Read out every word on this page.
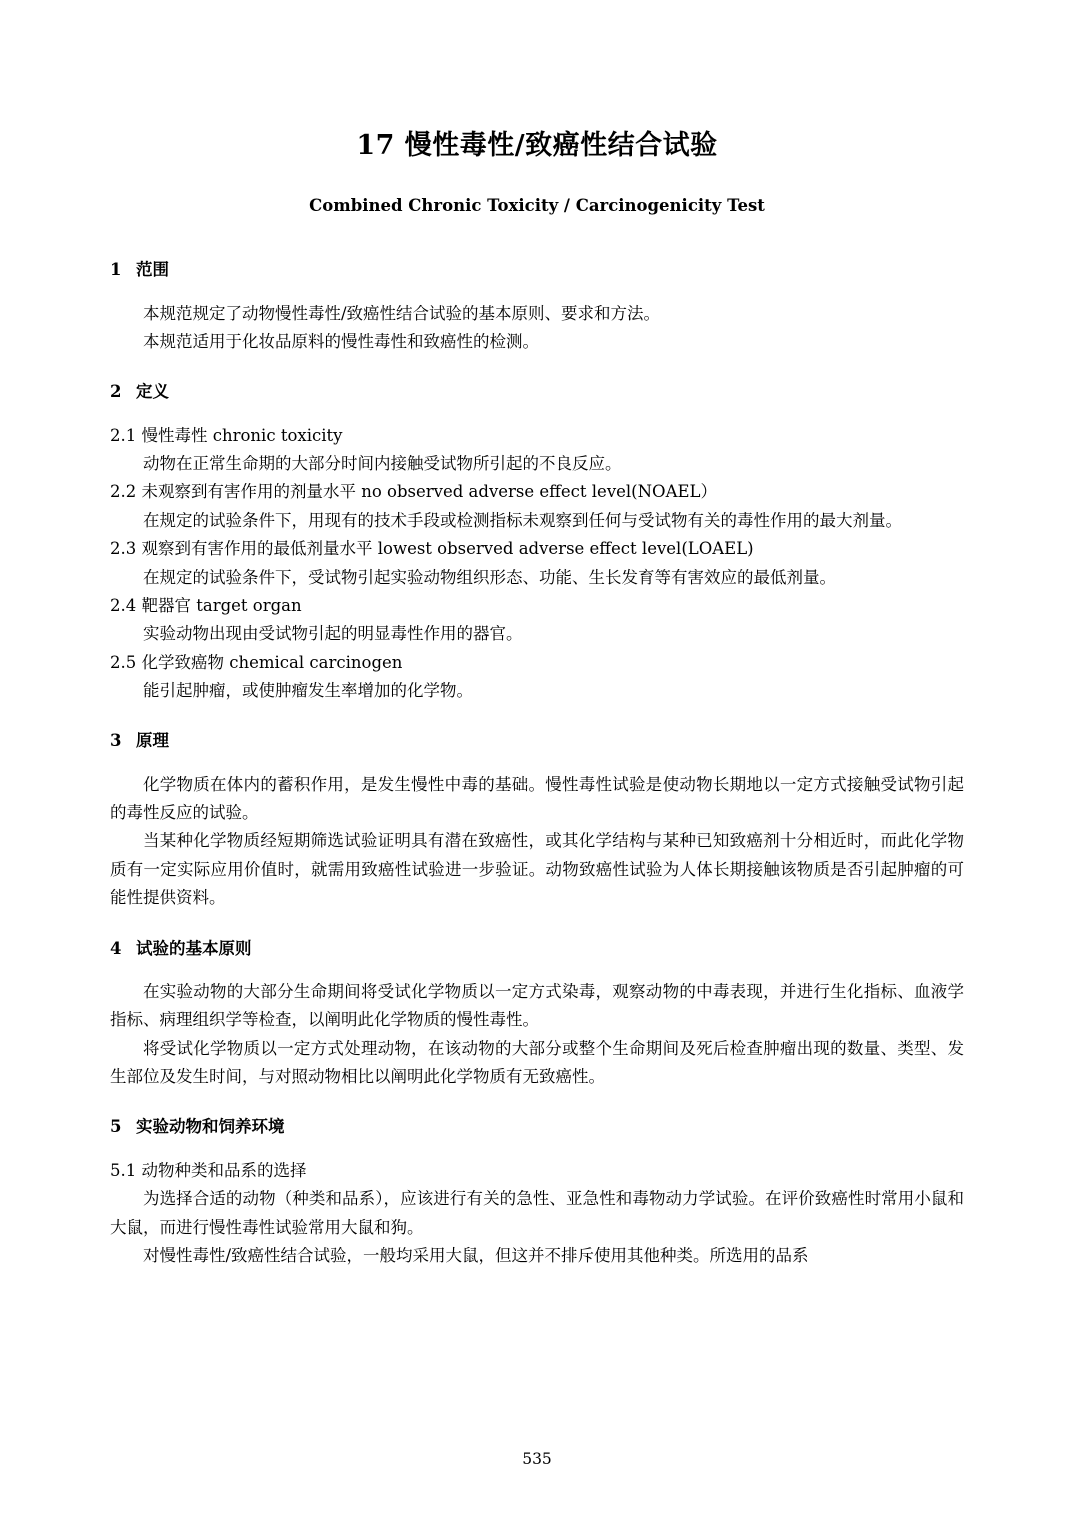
17 慢性毒性/致癌性结合试验
Combined Chronic Toxicity / Carcinogenicity Test

1 范围

本规范规定了动物慢性毒性/致癌性结合试验的基本原则、要求和方法。

本规范适用于化妆品原料的慢性毒性和致癌性的检测。

2 定义

2.1 慢性毒性 chronic toxicity

动物在正常生命期的大部分时间内接触受试物所引起的不良反应。

2.2 未观察到有害作用的剂量水平 no observed adverse effect level(NOAEL）

在规定的试验条件下，用现有的技术手段或检测指标未观察到任何与受试物有关的毒性作用的最大剂量。

2.3 观察到有害作用的最低剂量水平 lowest observed adverse effect level(LOAEL)

在规定的试验条件下，受试物引起实验动物组织形态、功能、生长发育等有害效应的最低剂量。

2.4 靶器官 target organ

实验动物出现由受试物引起的明显毒性作用的器官。

2.5 化学致癌物 chemical carcinogen

能引起肿瘤，或使肿瘤发生率增加的化学物。

3 原理

化学物质在体内的蓄积作用，是发生慢性中毒的基础。慢性毒性试验是使动物长期地以一定方式接触受试物引起的毒性反应的试验。

当某种化学物质经短期筛选试验证明具有潜在致癌性，或其化学结构与某种已知致癌剂十分相近时，而此化学物质有一定实际应用价值时，就需用致癌性试验进一步验证。动物致癌性试验为人体长期接触该物质是否引起肿瘤的可能性提供资料。

4 试验的基本原则

在实验动物的大部分生命期间将受试化学物质以一定方式染毒，观察动物的中毒表现，并进行生化指标、血液学指标、病理组织学等检查，以阐明此化学物质的慢性毒性。

将受试化学物质以一定方式处理动物，在该动物的大部分或整个生命期间及死后检查肿瘤出现的数量、类型、发生部位及发生时间，与对照动物相比以阐明此化学物质有无致癌性。

5 实验动物和饲养环境

5.1 动物种类和品系的选择

为选择合适的动物（种类和品系），应该进行有关的急性、亚急性和毒物动力学试验。在评价致癌性时常用小鼠和大鼠，而进行慢性毒性试验常用大鼠和狗。

对慢性毒性/致癌性结合试验，一般均采用大鼠，但这并不排斥使用其他种类。所选用的品系

535
